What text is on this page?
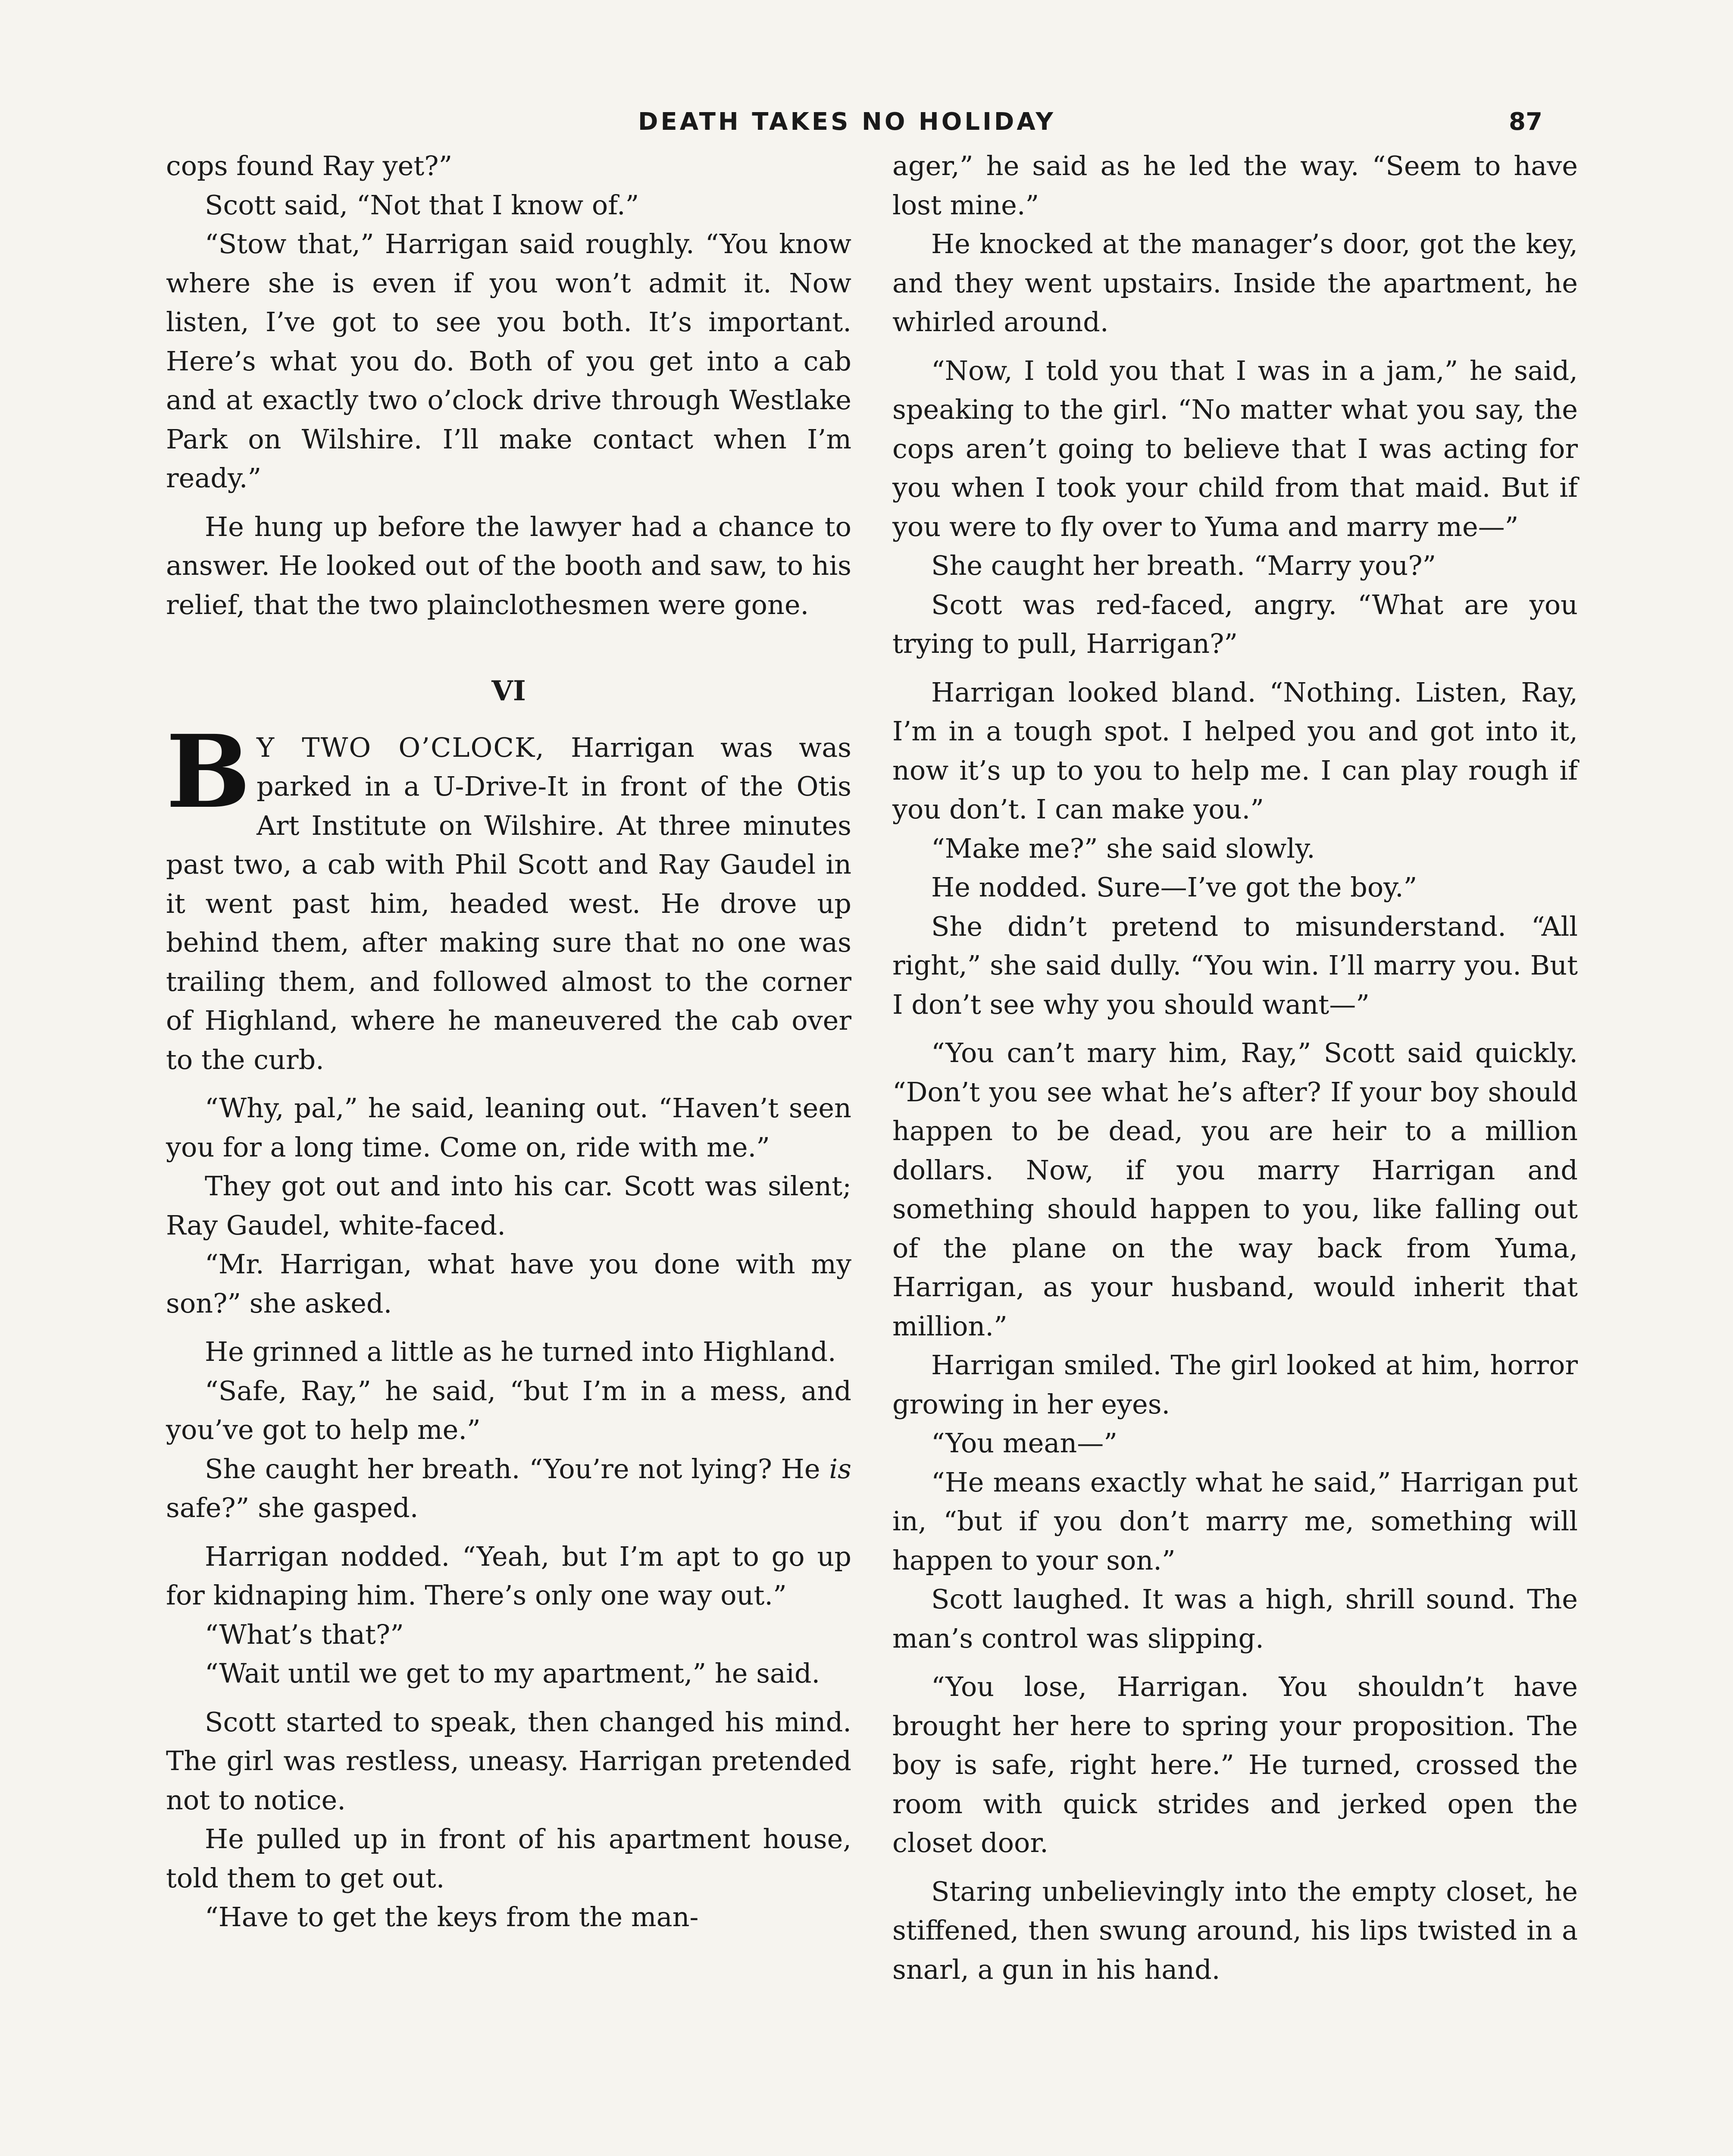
DEATH TAKES NO HOLIDAY	87

cops found Ray yet?”

Scott said, “Not that I know of.”

“Stow that,” Harrigan said roughly. “You know where she is even if you won’t admit it. Now listen, I’ve got to see you both. It’s important. Here’s what you do. Both of you get into a cab and at exactly two o’clock drive through Westlake Park on Wilshire. I’ll make contact when I’m ready.”

He hung up before the lawyer had a chance to answer. He looked out of the booth and saw, to his relief, that the two plainclothesmen were gone.

VI

B Y TWO O’CLOCK, Harrigan was was parked in a U-Drive-It in front of the Otis Art Institute on Wilshire. At three minutes past two, a cab with Phil Scott and Ray Gaudel in it went past him, headed west. He drove up behind them, after making sure that no one was trailing them, and followed almost to the corner of Highland, where he maneuvered the cab over to the curb.

“Why, pal,” he said, leaning out. “Haven’t seen you for a long time. Come on, ride with me.”

They got out and into his car. Scott was silent; Ray Gaudel, white-faced.

“Mr. Harrigan, what have you done with my son?” she asked.

He grinned a little as he turned into Highland.

“Safe, Ray,” he said, “but I’m in a mess, and you’ve got to help me.”

She caught her breath. “You’re not lying? He is safe?” she gasped.

Harrigan nodded. “Yeah, but I’m apt to go up for kidnaping him. There’s only one way out.”

“What’s that?”

“Wait until we get to my apartment,” he said.

Scott started to speak, then changed his mind. The girl was restless, uneasy. Harrigan pretended not to notice.

He pulled up in front of his apartment house, told them to get out.

“Have to get the keys from the man-

ager,” he said as he led the way. “Seem to have lost mine.”

He knocked at the manager’s door, got the key, and they went upstairs. Inside the apartment, he whirled around.

“Now, I told you that I was in a jam,” he said, speaking to the girl. “No matter what you say, the cops aren’t going to believe that I was acting for you when I took your child from that maid. But if you were to fly over to Yuma and marry me—”

She caught her breath. “Marry you?”

Scott was red-faced, angry. “What are you trying to pull, Harrigan?”

Harrigan looked bland. “Nothing. Listen, Ray, I’m in a tough spot. I helped you and got into it, now it’s up to you to help me. I can play rough if you don’t. I can make you.”

“Make me?” she said slowly.

He nodded. Sure—I’ve got the boy.”

She didn’t pretend to misunderstand. “All right,” she said dully. “You win. I’ll marry you. But I don’t see why you should want—”

“You can’t mary him, Ray,” Scott said quickly. “Don’t you see what he’s after? If your boy should happen to be dead, you are heir to a million dollars. Now, if you marry Harrigan and something should happen to you, like falling out of the plane on the way back from Yuma, Harrigan, as your husband, would inherit that million.”

Harrigan smiled. The girl looked at him, horror growing in her eyes.

“You mean—”

“He means exactly what he said,” Harrigan put in, “but if you don’t marry me, something will happen to your son.”

Scott laughed. It was a high, shrill sound. The man’s control was slipping.

“You lose, Harrigan. You shouldn’t have brought her here to spring your proposition. The boy is safe, right here.” He turned, crossed the room with quick strides and jerked open the closet door.

Staring unbelievingly into the empty closet, he stiffened, then swung around, his lips twisted in a snarl, a gun in his hand.
